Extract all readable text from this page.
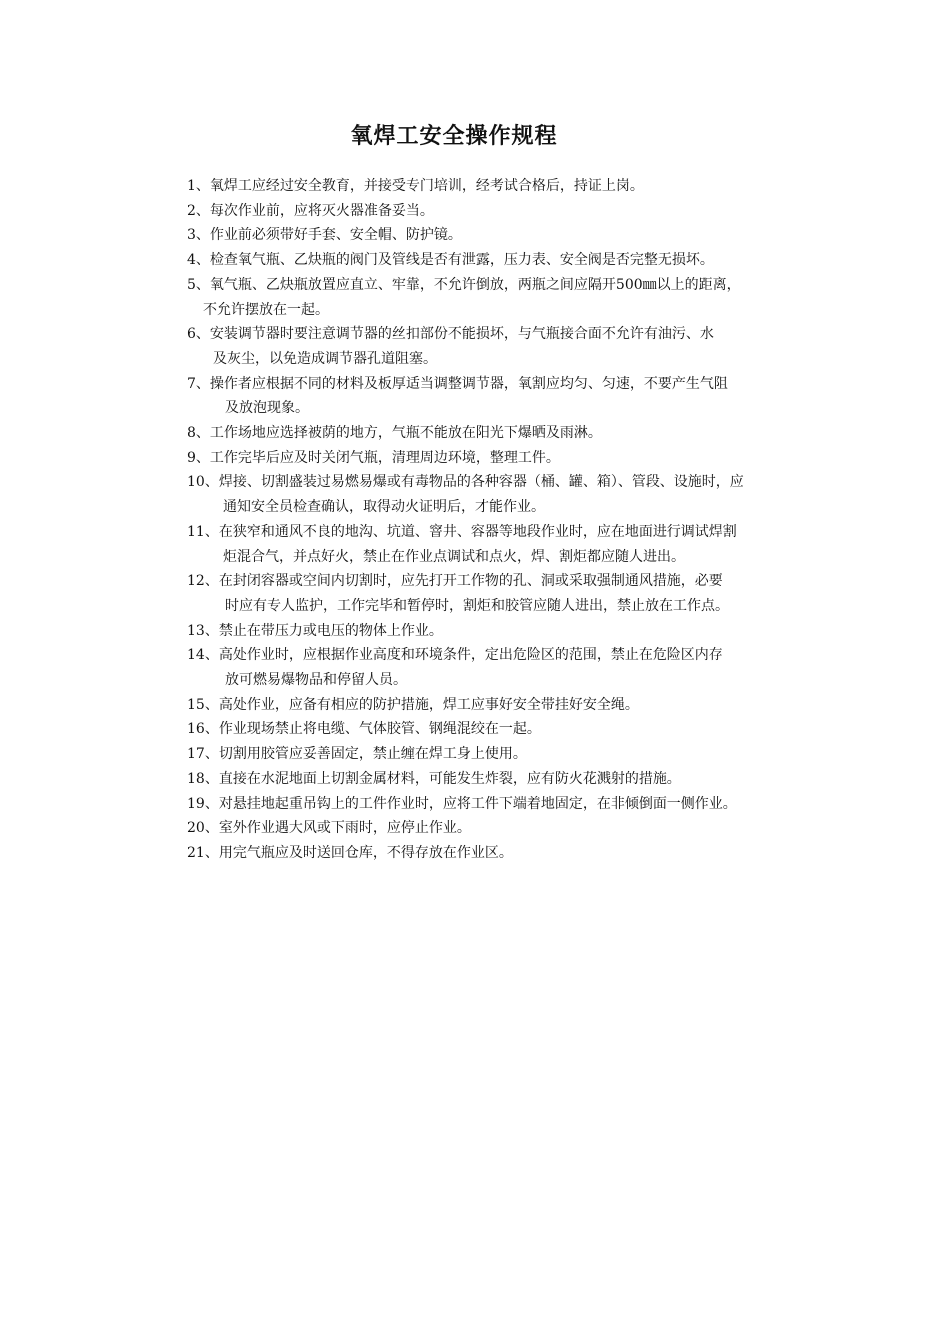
氧焊工安全操作规程
1、氧焊工应经过安全教育，并接受专门培训，经考试合格后，持证上岗。
2、每次作业前，应将灭火器准备妥当。
3、作业前必须带好手套、安全帽、防护镜。
4、检查氧气瓶、乙炔瓶的阀门及管线是否有泄露，压力表、安全阀是否完整无损坏。
5、氧气瓶、乙炔瓶放置应直立、牢靠，不允许倒放，两瓶之间应隔开500㎜以上的距离，
不允许摆放在一起。
6、安装调节器时要注意调节器的丝扣部份不能损坏，与气瓶接合面不允许有油污、水
及灰尘，以免造成调节器孔道阻塞。
7、操作者应根据不同的材料及板厚适当调整调节器，氧割应均匀、匀速，不要产生气阻
及放泡现象。
8、工作场地应选择被荫的地方，气瓶不能放在阳光下爆晒及雨淋。
9、工作完毕后应及时关闭气瓶，清理周边环境，整理工件。
10、焊接、切割盛装过易燃易爆或有毒物品的各种容器（桶、罐、箱）、管段、设施时，应
通知安全员检查确认，取得动火证明后，才能作业。
11、在狭窄和通风不良的地沟、坑道、窨井、容器等地段作业时，应在地面进行调试焊割
炬混合气，并点好火，禁止在作业点调试和点火，焊、割炬都应随人进出。
12、在封闭容器或空间内切割时，应先打开工作物的孔、洞或采取强制通风措施，必要
时应有专人监护，工作完毕和暂停时，割炬和胶管应随人进出，禁止放在工作点。
13、禁止在带压力或电压的物体上作业。
14、高处作业时，应根据作业高度和环境条件，定出危险区的范围，禁止在危险区内存
放可燃易爆物品和停留人员。
15、高处作业，应备有相应的防护措施，焊工应事好安全带挂好安全绳。
16、作业现场禁止将电缆、气体胶管、钢绳混绞在一起。
17、切割用胶管应妥善固定，禁止缠在焊工身上使用。
18、直接在水泥地面上切割金属材料，可能发生炸裂，应有防火花溅射的措施。
19、对悬挂地起重吊钩上的工件作业时，应将工件下端着地固定，在非倾倒面一侧作业。
20、室外作业遇大风或下雨时，应停止作业。
21、用完气瓶应及时送回仓库，不得存放在作业区。
